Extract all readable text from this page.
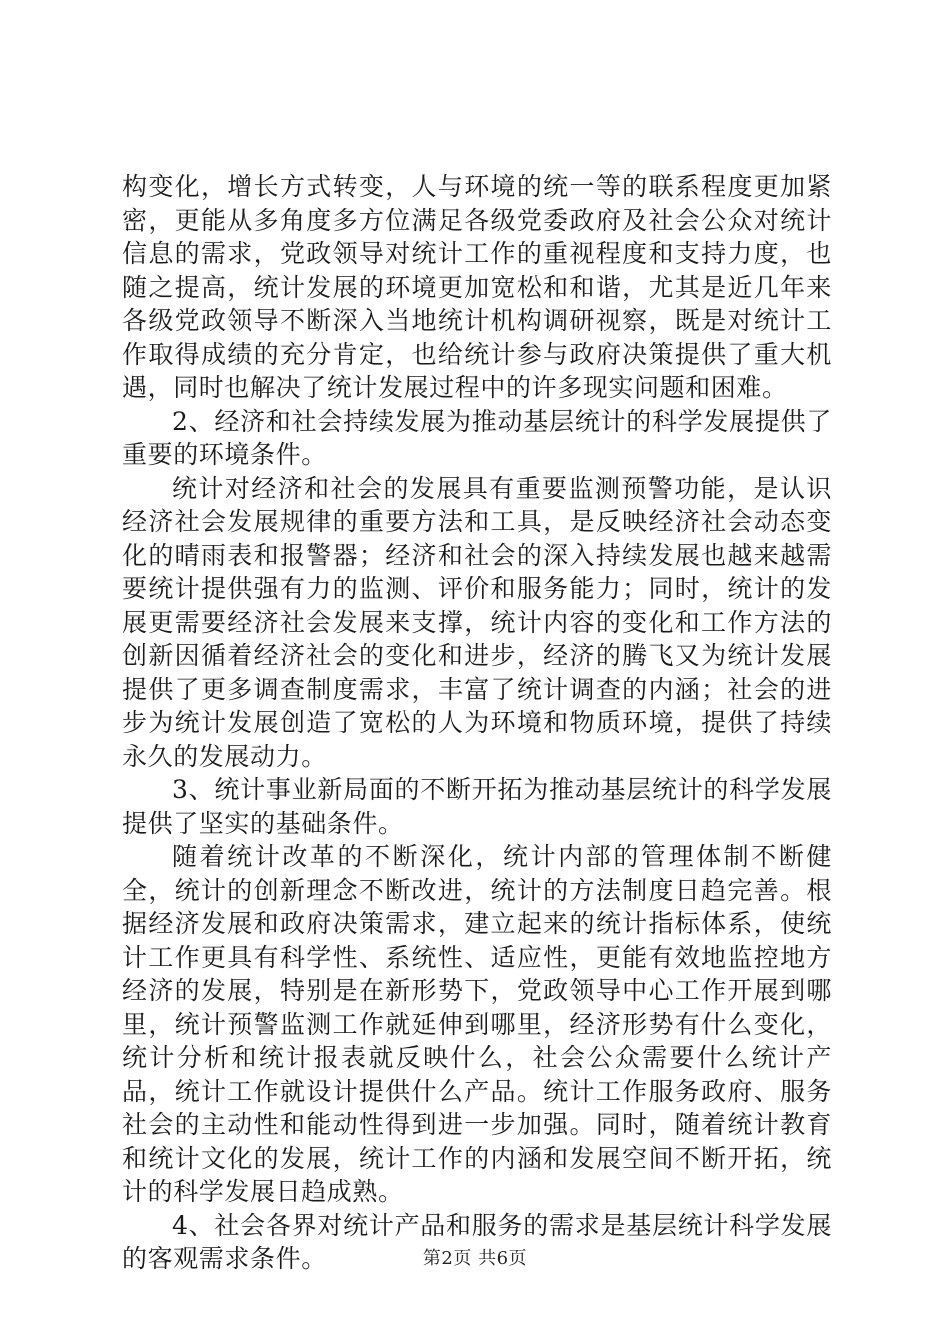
构变化，增长方式转变，人与环境的统一等的联系程度更加紧密，更能从多角度多方位满足各级党委政府及社会公众对统计信息的需求，党政领导对统计工作的重视程度和支持力度，也随之提高，统计发展的环境更加宽松和和谐，尤其是近几年来各级党政领导不断深入当地统计机构调研视察，既是对统计工作取得成绩的充分肯定，也给统计参与政府决策提供了重大机遇，同时也解决了统计发展过程中的许多现实问题和困难。

2、经济和社会持续发展为推动基层统计的科学发展提供了重要的环境条件。

统计对经济和社会的发展具有重要监测预警功能，是认识经济社会发展规律的重要方法和工具，是反映经济社会动态变化的晴雨表和报警器；经济和社会的深入持续发展也越来越需要统计提供强有力的监测、评价和服务能力；同时，统计的发展更需要经济社会发展来支撑，统计内容的变化和工作方法的创新因循着经济社会的变化和进步，经济的腾飞又为统计发展提供了更多调查制度需求，丰富了统计调查的内涵；社会的进步为统计发展创造了宽松的人为环境和物质环境，提供了持续永久的发展动力。

3、统计事业新局面的不断开拓为推动基层统计的科学发展提供了坚实的基础条件。

随着统计改革的不断深化，统计内部的管理体制不断健全，统计的创新理念不断改进，统计的方法制度日趋完善。根据经济发展和政府决策需求，建立起来的统计指标体系，使统计工作更具有科学性、系统性、适应性，更能有效地监控地方经济的发展，特别是在新形势下，党政领导中心工作开展到哪里，统计预警监测工作就延伸到哪里，经济形势有什么变化，统计分析和统计报表就反映什么，社会公众需要什么统计产品，统计工作就设计提供什么产品。统计工作服务政府、服务社会的主动性和能动性得到进一步加强。同时，随着统计教育和统计文化的发展，统计工作的内涵和发展空间不断开拓，统计的科学发展日趋成熟。

4、社会各界对统计产品和服务的需求是基层统计科学发展的客观需求条件。	第2页 共6页
